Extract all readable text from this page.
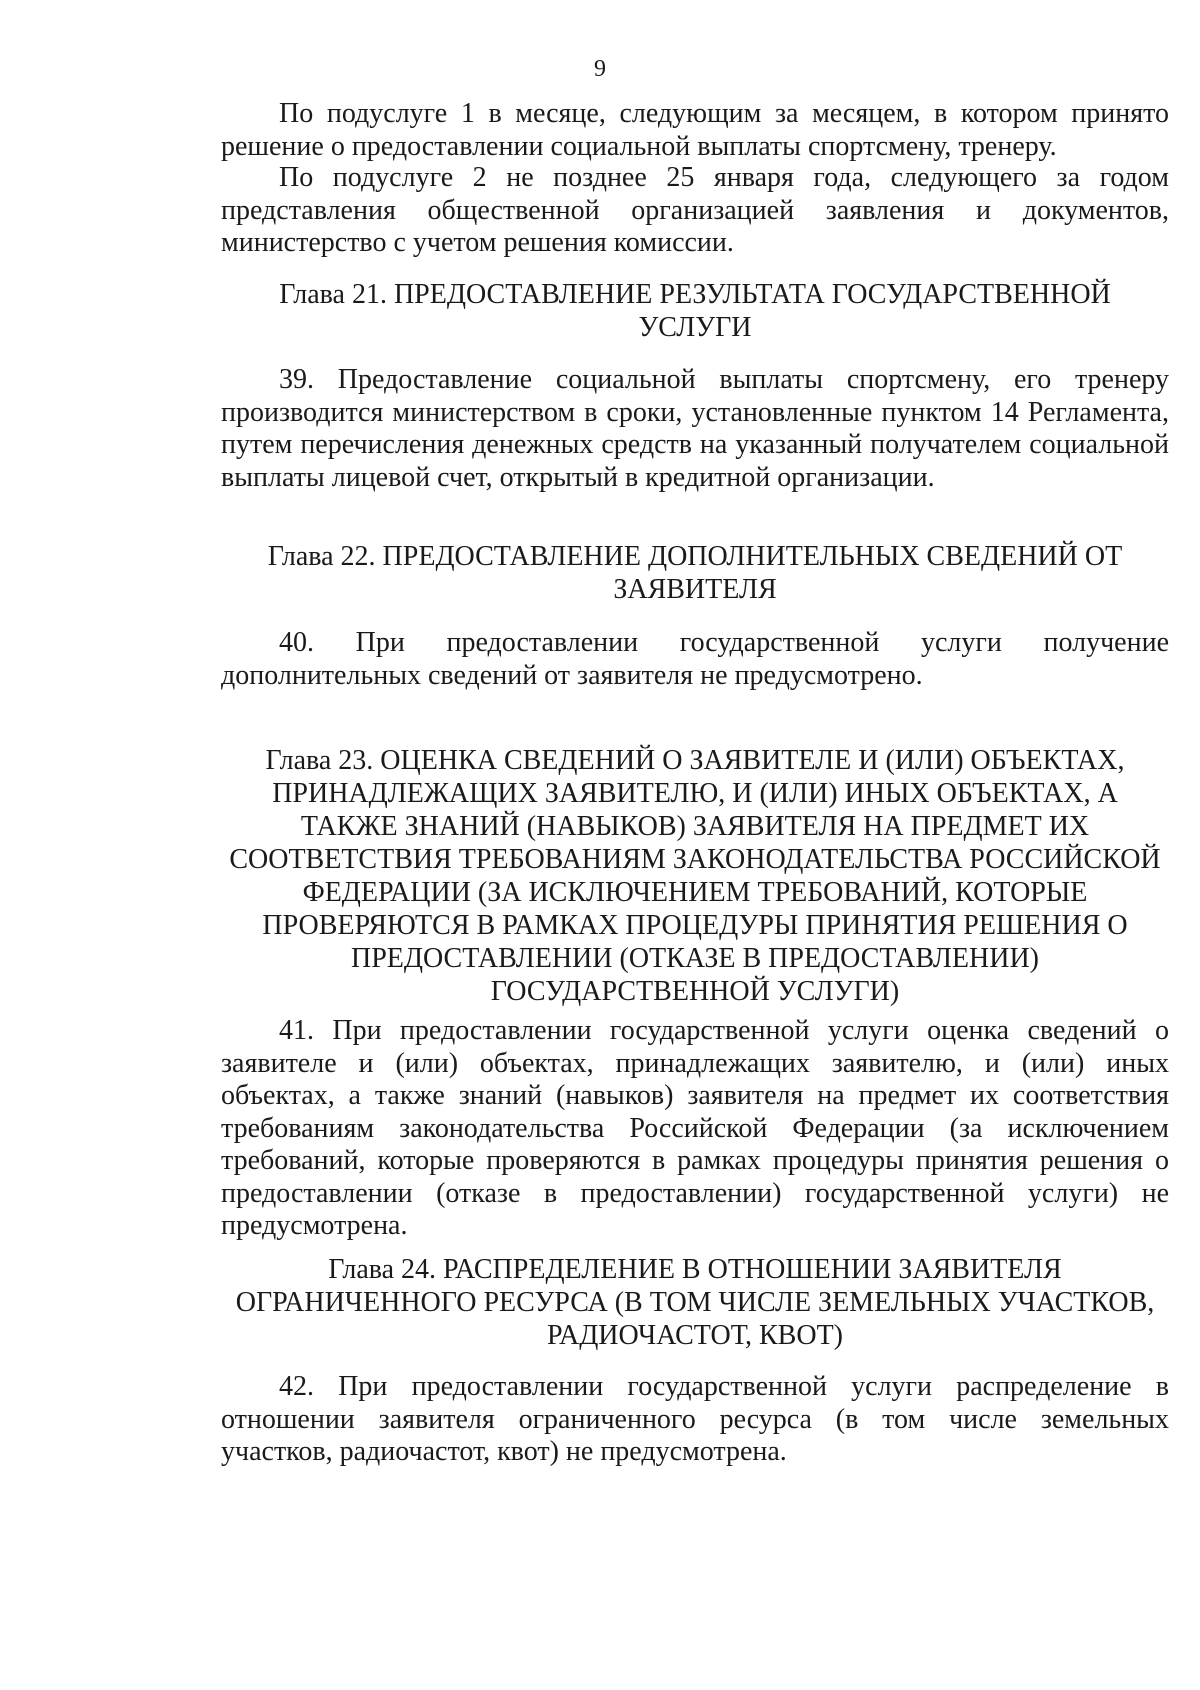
9

По подуслуге 1 в месяце, следующим за месяцем, в котором принято решение о предоставлении социальной выплаты спортсмену, тренеру.

По подуслуге 2 не позднее 25 января года, следующего за годом представления общественной организацией заявления и документов, министерство с учетом решения комиссии.

Глава 21. ПРЕДОСТАВЛЕНИЕ РЕЗУЛЬТАТА ГОСУДАРСТВЕННОЙ УСЛУГИ

39. Предоставление социальной выплаты спортсмену, его тренеру производится министерством в сроки, установленные пунктом 14 Регламента, путем перечисления денежных средств на указанный получателем социальной выплаты лицевой счет, открытый в кредитной организации.

Глава 22. ПРЕДОСТАВЛЕНИЕ ДОПОЛНИТЕЛЬНЫХ СВЕДЕНИЙ ОТ ЗАЯВИТЕЛЯ

40. При предоставлении государственной услуги получение дополнительных сведений от заявителя не предусмотрено.

Глава 23. ОЦЕНКА СВЕДЕНИЙ О ЗАЯВИТЕЛЕ И (ИЛИ) ОБЪЕКТАХ, ПРИНАДЛЕЖАЩИХ ЗАЯВИТЕЛЮ, И (ИЛИ) ИНЫХ ОБЪЕКТАХ, А ТАКЖЕ ЗНАНИЙ (НАВЫКОВ) ЗАЯВИТЕЛЯ НА ПРЕДМЕТ ИХ СООТВЕТСТВИЯ ТРЕБОВАНИЯМ ЗАКОНОДАТЕЛЬСТВА РОССИЙСКОЙ ФЕДЕРАЦИИ (ЗА ИСКЛЮЧЕНИЕМ ТРЕБОВАНИЙ, КОТОРЫЕ ПРОВЕРЯЮТСЯ В РАМКАХ ПРОЦЕДУРЫ ПРИНЯТИЯ РЕШЕНИЯ О ПРЕДОСТАВЛЕНИИ (ОТКАЗЕ В ПРЕДОСТАВЛЕНИИ) ГОСУДАРСТВЕННОЙ УСЛУГИ)

41. При предоставлении государственной услуги оценка сведений о заявителе и (или) объектах, принадлежащих заявителю, и (или) иных объектах, а также знаний (навыков) заявителя на предмет их соответствия требованиям законодательства Российской Федерации (за исключением требований, которые проверяются в рамках процедуры принятия решения о предоставлении (отказе в предоставлении) государственной услуги) не предусмотрена.

Глава 24. РАСПРЕДЕЛЕНИЕ В ОТНОШЕНИИ ЗАЯВИТЕЛЯ ОГРАНИЧЕННОГО РЕСУРСА (В ТОМ ЧИСЛЕ ЗЕМЕЛЬНЫХ УЧАСТКОВ, РАДИОЧАСТОТ, КВОТ)

42. При предоставлении государственной услуги распределение в отношении заявителя ограниченного ресурса (в том числе земельных участков, радиочастот, квот) не предусмотрена.
